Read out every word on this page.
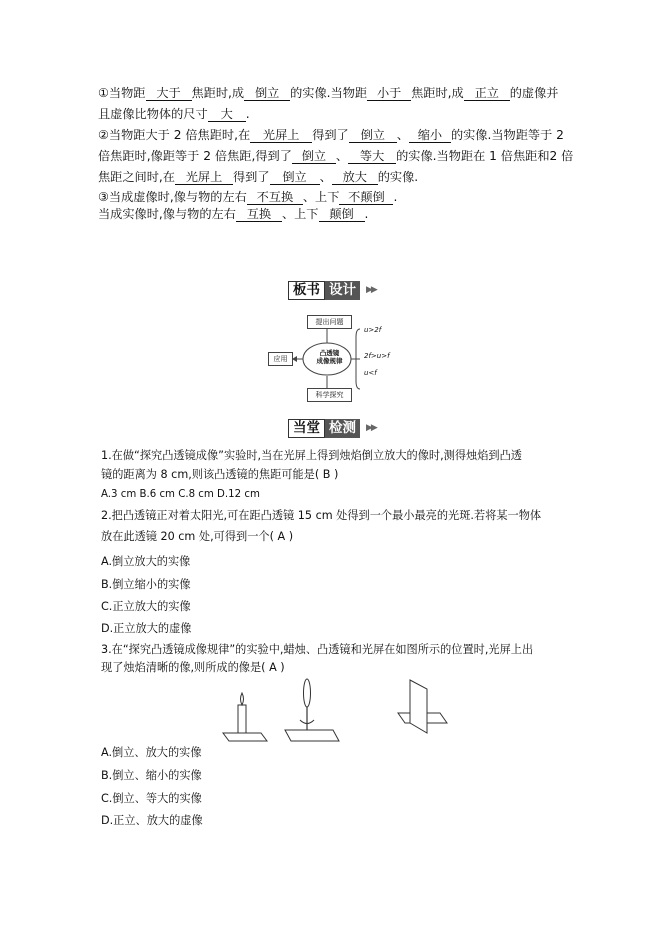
①当物距 大于 焦距时,成 倒立 的实像.当物距 小于 焦距时,成 正立 的虚像并
且虚像比物体的尺寸 大 .
②当物距大于 2 倍焦距时,在 光屏上 得到了 倒立 、 缩小 的实像.当物距等于 2
倍焦距时,像距等于 2 倍焦距,得到了 倒立 、 等大 的实像.当物距在 1 倍焦距和2 倍
焦距之间时,在 光屏上 得到了 倒立 、 放大 的实像.
③当成虚像时,像与物的左右 不互换 、上下 不颠倒 .
当成实像时,像与物的左右 互换 、上下 颠倒 .
板书 设计	▶▶
提出问题
凸透镜
成像规律
科学探究
应用
u>2f
2f>u>f
u<f
当堂 检测	▶▶
1.在做“探究凸透镜成像”实验时,当在光屏上得到烛焰倒立放大的像时,测得烛焰到凸透
镜的距离为 8 cm,则该凸透镜的焦距可能是( B )
A.3 cm B.6 cm C.8 cm D.12 cm
2.把凸透镜正对着太阳光,可在距凸透镜 15 cm 处得到一个最小最亮的光斑.若将某一物体
放在此透镜 20 cm 处,可得到一个( A )
A.倒立放大的实像
B.倒立缩小的实像
C.正立放大的实像
D.正立放大的虚像
3.在“探究凸透镜成像规律”的实验中,蜡烛、凸透镜和光屏在如图所示的位置时,光屏上出
现了烛焰清晰的像,则所成的像是( A )
A.倒立、放大的实像
B.倒立、缩小的实像
C.倒立、等大的实像
D.正立、放大的虚像
